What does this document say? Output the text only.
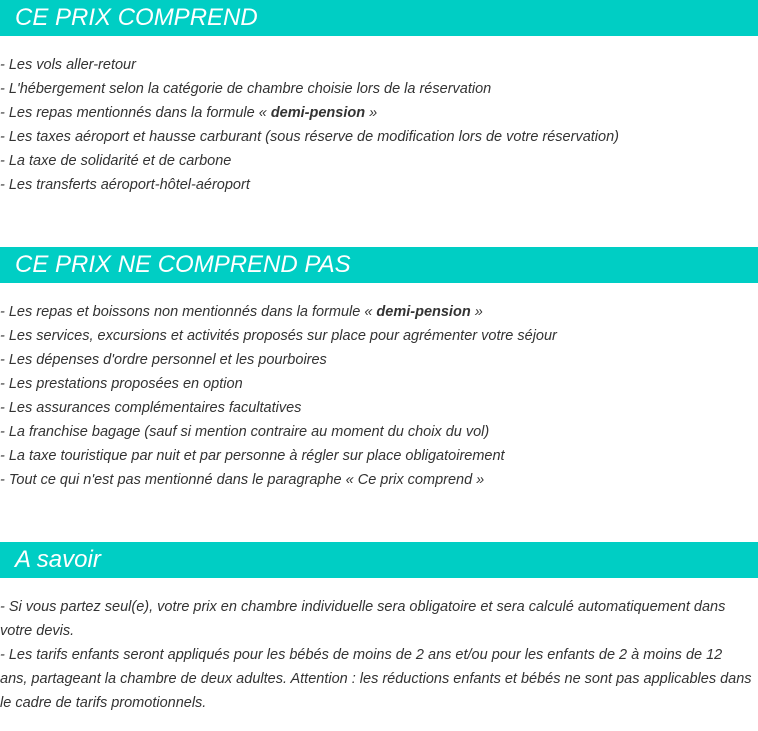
CE PRIX COMPREND
- Les vols aller-retour
- L'hébergement selon la catégorie de chambre choisie lors de la réservation
- Les repas mentionnés dans la formule « demi-pension »
- Les taxes aéroport et hausse carburant (sous réserve de modification lors de votre réservation)
- La taxe de solidarité et de carbone
- Les transferts aéroport-hôtel-aéroport
CE PRIX NE COMPREND PAS
- Les repas et boissons non mentionnés dans la formule « demi-pension »
- Les services, excursions et activités proposés sur place pour agrémenter votre séjour
- Les dépenses d'ordre personnel et les pourboires
- Les prestations proposées en option
- Les assurances complémentaires facultatives
- La franchise bagage (sauf si mention contraire au moment du choix du vol)
- La taxe touristique par nuit et par personne à régler sur place obligatoirement
- Tout ce qui n'est pas mentionné dans le paragraphe « Ce prix comprend »
A savoir

- Si vous partez seul(e), votre prix en chambre individuelle sera obligatoire et sera calculé automatiquement dans votre devis.

- Les tarifs enfants seront appliqués pour les bébés de moins de 2 ans et/ou pour les enfants de 2 à moins de 12 ans, partageant la chambre de deux adultes. Attention : les réductions enfants et bébés ne sont pas applicables dans le cadre de tarifs promotionnels.
